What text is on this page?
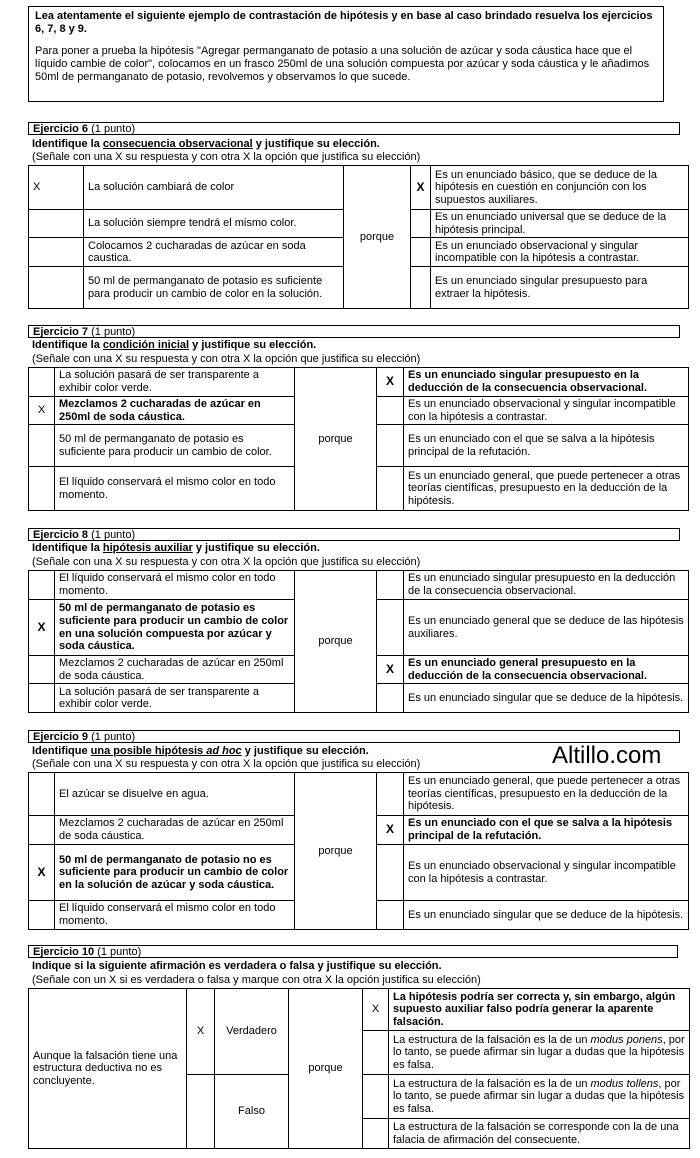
Lea atentamente el siguiente ejemplo de contrastación de hipótesis y en base al caso brindado resuelva los ejercicios 6, 7, 8 y 9.

Para poner a prueba la hipótesis "Agregar permanganato de potasio a una solución de azúcar y soda cáustica hace que el líquido cambie de color", colocamos en un frasco 250ml de una solución compuesta por azúcar y soda cáustica y le añadimos 50ml de permanganato de potasio, revolvemos y observamos lo que sucede.

Ejercicio 6 (1 punto)
Identifique la consecuencia observacional y justifique su elección.
(Señale con una X su respuesta y con otra X la opción que justifica su elección)
X	La solución cambiará de color	porque	X	Es un enunciado básico, que se deduce de la hipótesis en cuestión en conjunción con los supuestos auxiliares.
	La solución siempre tendrá el mismo color.			Es un enunciado universal que se deduce de la hipótesis principal.
	Colocamos 2 cucharadas de azúcar en soda caustica.			Es un enunciado observacional y singular incompatible con la hipótesis a contrastar.
	50 ml de permanganato de potasio es suficiente para producir un cambio de color en la solución.			Es un enunciado singular presupuesto para extraer la hipótesis.
Ejercicio 7 (1 punto)
Identifique la condición inicial y justifique su elección.
(Señale con una X su respuesta y con otra X la opción que justifica su elección)
	La solución pasará de ser transparente a exhibir color verde.	porque	X	Es un enunciado singular presupuesto en la deducción de la consecuencia observacional.
X	Mezclamos 2 cucharadas de azúcar en 250ml de soda cáustica.			Es un enunciado observacional y singular incompatible con la hipótesis a contrastar.
	50 ml de permanganato de potasio es suficiente para producir un cambio de color.			Es un enunciado con el que se salva a la hipótesis principal de la refutación.
	El líquido conservará el mismo color en todo momento.			Es un enunciado general, que puede pertenecer a otras teorías científicas, presupuesto en la deducción de la hipótesis.
Ejercicio 8 (1 punto)
Identifique la hipótesis auxiliar y justifique su elección.
(Señale con una X su respuesta y con otra X la opción que justifica su elección)
	El líquido conservará el mismo color en todo momento.	porque		Es un enunciado singular presupuesto en la deducción de la consecuencia observacional.
X	50 ml de permanganato de potasio es suficiente para producir un cambio de color en una solución compuesta por azúcar y soda cáustica.			Es un enunciado general que se deduce de las hipótesis auxiliares.
	Mezclamos 2 cucharadas de azúcar en 250ml de soda cáustica.		X	Es un enunciado general presupuesto en la deducción de la consecuencia observacional.
	La solución pasará de ser transparente a exhibir color verde.			Es un enunciado singular que se deduce de la hipótesis.
Ejercicio 9 (1 punto)
Identifique una posible hipótesis ad hoc y justifique su elección.
(Señale con una X su respuesta y con otra X la opción que justifica su elección)	Altillo.com
	El azúcar se disuelve en agua.	porque		Es un enunciado general, que puede pertenecer a otras teorías científicas, presupuesto en la deducción de la hipótesis.
	Mezclamos 2 cucharadas de azúcar en 250ml de soda cáustica.		X	Es un enunciado con el que se salva a la hipótesis principal de la refutación.
X	50 ml de permanganato de potasio no es suficiente para producir un cambio de color en la solución de azúcar y soda cáustica.			Es un enunciado observacional y singular incompatible con la hipótesis a contrastar.
	El líquido conservará el mismo color en todo momento.			Es un enunciado singular que se deduce de la hipótesis.
Ejercicio 10 (1 punto)
Indique si la siguiente afirmación es verdadera o falsa y justifique su elección.
(Señale con un X si es verdadera o falsa y marque con otra X la opción justifica su elección)
Aunque la falsación tiene una estructura deductiva no es concluyente.	X	Verdadero	porque	X	La hipótesis podría ser correcta y, sin embargo, algún supuesto auxiliar falso podría generar la aparente falsación.
					La estructura de la falsación es la de un modus ponens, por lo tanto, se puede afirmar sin lugar a dudas que la hipótesis es falsa.
		Falso			La estructura de la falsación es la de un modus tollens, por lo tanto, se puede afirmar sin lugar a dudas que la hipótesis es falsa.
					La estructura de la falsación se corresponde con la de una falacia de afirmación del consecuente.
